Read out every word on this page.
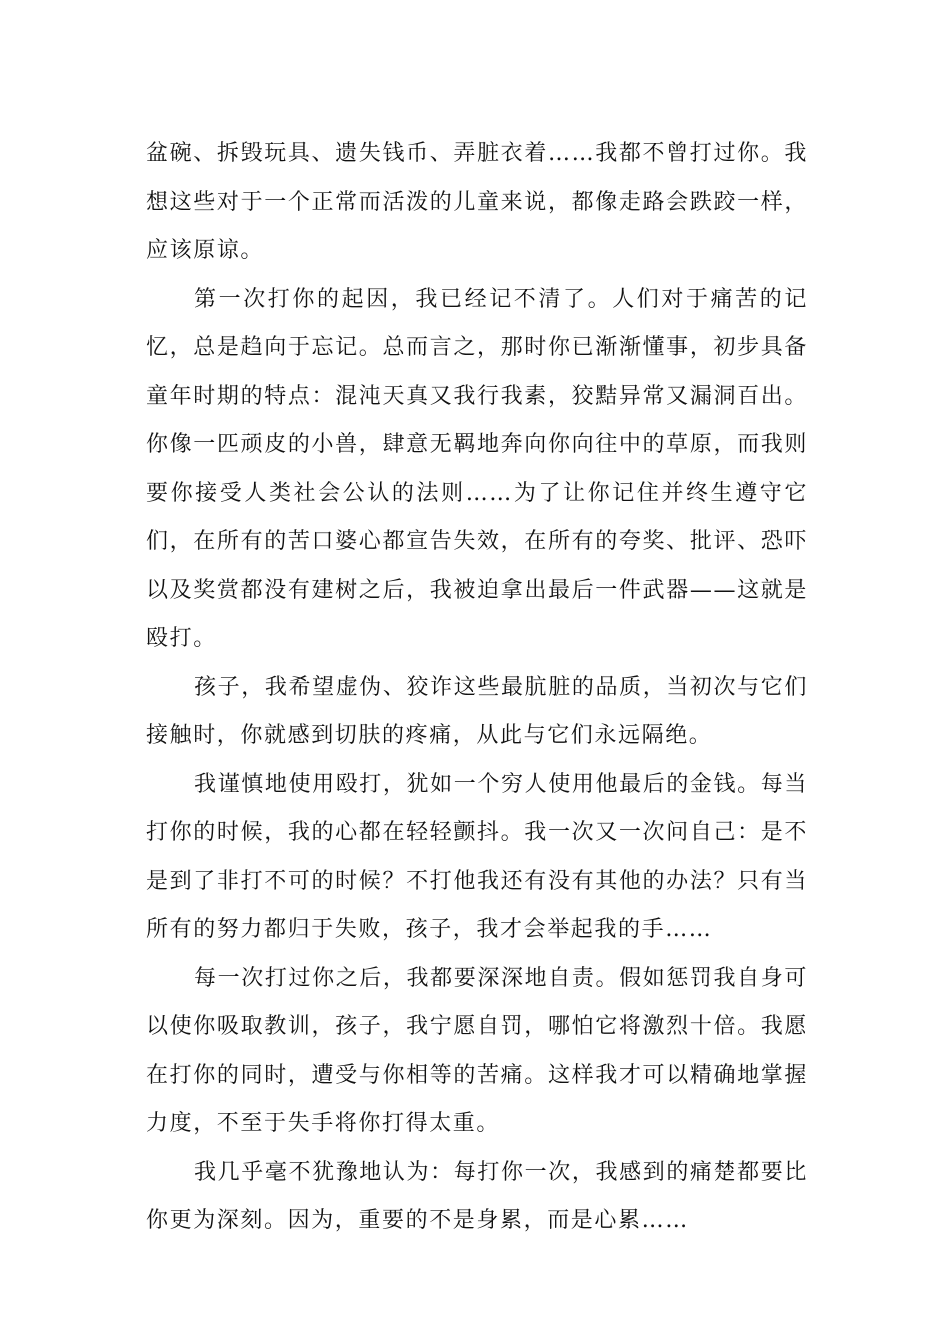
盆碗、拆毁玩具、遗失钱币、弄脏衣着……我都不曾打过你。我想这些对于一个正常而活泼的儿童来说，都像走路会跌跤一样，应该原谅。

第一次打你的起因，我已经记不清了。人们对于痛苦的记忆，总是趋向于忘记。总而言之，那时你已渐渐懂事，初步具备童年时期的特点：混沌天真又我行我素，狡黠异常又漏洞百出。你像一匹顽皮的小兽，肆意无羁地奔向你向往中的草原，而我则要你接受人类社会公认的法则……为了让你记住并终生遵守它们，在所有的苦口婆心都宣告失效，在所有的夸奖、批评、恐吓以及奖赏都没有建树之后，我被迫拿出最后一件武器——这就是殴打。

孩子，我希望虚伪、狡诈这些最肮脏的品质，当初次与它们接触时，你就感到切肤的疼痛，从此与它们永远隔绝。

我谨慎地使用殴打，犹如一个穷人使用他最后的金钱。每当打你的时候，我的心都在轻轻颤抖。我一次又一次问自己：是不是到了非打不可的时候？不打他我还有没有其他的办法？只有当所有的努力都归于失败，孩子，我才会举起我的手……

每一次打过你之后，我都要深深地自责。假如惩罚我自身可以使你吸取教训，孩子，我宁愿自罚，哪怕它将激烈十倍。我愿在打你的同时，遭受与你相等的苦痛。这样我才可以精确地掌握力度，不至于失手将你打得太重。

我几乎毫不犹豫地认为：每打你一次，我感到的痛楚都要比你更为深刻。因为，重要的不是身累，而是心累……
